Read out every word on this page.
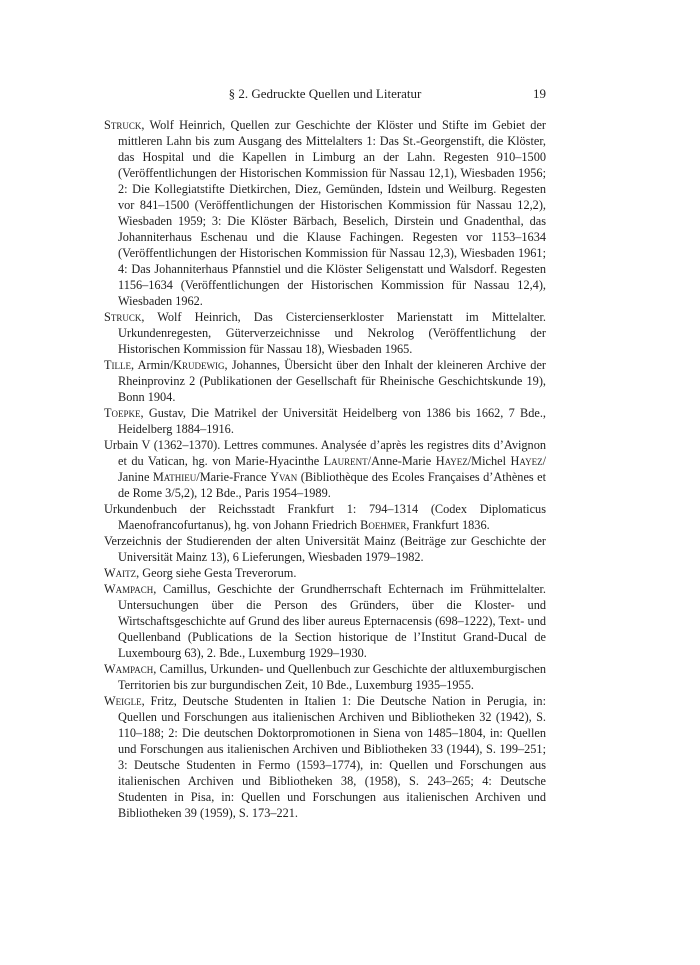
§ 2. Gedruckte Quellen und Literatur	19

Struck, Wolf Heinrich, Quellen zur Geschichte der Klöster und Stifte im Gebiet der mittleren Lahn bis zum Ausgang des Mittelalters 1: Das St.-Georgenstift, die Klöster, das Hospital und die Kapellen in Limburg an der Lahn. Regesten 910–1500 (Veröffentlichungen der Historischen Kommission für Nassau 12,1), Wiesbaden 1956; 2: Die Kollegiatstifte Dietkirchen, Diez, Gemünden, Idstein und Weilburg. Regesten vor 841–1500 (Veröffentlichungen der Historischen Kommission für Nassau 12,2), Wiesbaden 1959; 3: Die Klöster Bärbach, Beselich, Dirstein und Gnadenthal, das Johanniterhaus Eschenau und die Klause Fachingen. Regesten vor 1153–1634 (Veröffentlichungen der Historischen Kommission für Nassau 12,3), Wiesbaden 1961; 4: Das Johanniterhaus Pfannstiel und die Klöster Seligenstatt und Walsdorf. Regesten 1156–1634 (Veröffentlichungen der Historischen Kommission für Nassau 12,4), Wiesbaden 1962.

Struck, Wolf Heinrich, Das Cistercienserkloster Marienstatt im Mittelalter. Urkundenregesten, Güterverzeichnisse und Nekrolog (Veröffentlichung der Historischen Kommission für Nassau 18), Wiesbaden 1965.

Tille, Armin/Krudewig, Johannes, Übersicht über den Inhalt der kleineren Archive der Rheinprovinz 2 (Publikationen der Gesellschaft für Rheinische Geschichtskunde 19), Bonn 1904.

Toepke, Gustav, Die Matrikel der Universität Heidelberg von 1386 bis 1662, 7 Bde., Heidelberg 1884–1916.

Urbain V (1362–1370). Lettres communes. Analysée d’après les registres dits d’Avignon et du Vatican, hg. von Marie-Hyacinthe Laurent/Anne-Marie Hayez/Michel Hayez/ Janine Mathieu/Marie-France Yvan (Bibliothèque des Ecoles Françaises d’Athènes et de Rome 3/5,2), 12 Bde., Paris 1954–1989.

Urkundenbuch der Reichsstadt Frankfurt 1: 794–1314 (Codex Diplomaticus Maenofrancofurtanus), hg. von Johann Friedrich Boehmer, Frankfurt 1836.

Verzeichnis der Studierenden der alten Universität Mainz (Beiträge zur Geschichte der Universität Mainz 13), 6 Lieferungen, Wiesbaden 1979–1982.

Waitz, Georg siehe Gesta Treverorum.

Wampach, Camillus, Geschichte der Grundherrschaft Echternach im Frühmittelalter. Untersuchungen über die Person des Gründers, über die Kloster- und Wirtschaftsgeschichte auf Grund des liber aureus Epternacensis (698–1222), Text- und Quellenband (Publications de la Section historique de l’Institut Grand-Ducal de Luxembourg 63), 2. Bde., Luxemburg 1929–1930.

Wampach, Camillus, Urkunden- und Quellenbuch zur Geschichte der altluxemburgischen Territorien bis zur burgundischen Zeit, 10 Bde., Luxemburg 1935–1955.

Weigle, Fritz, Deutsche Studenten in Italien 1: Die Deutsche Nation in Perugia, in: Quellen und Forschungen aus italienischen Archiven und Bibliotheken 32 (1942), S. 110–188; 2: Die deutschen Doktorpromotionen in Siena von 1485–1804, in: Quellen und Forschungen aus italienischen Archiven und Bibliotheken 33 (1944), S. 199–251; 3: Deutsche Studenten in Fermo (1593–1774), in: Quellen und Forschungen aus italienischen Archiven und Bibliotheken 38, (1958), S. 243–265; 4: Deutsche Studenten in Pisa, in: Quellen und Forschungen aus italienischen Archiven und Bibliotheken 39 (1959), S. 173–221.
